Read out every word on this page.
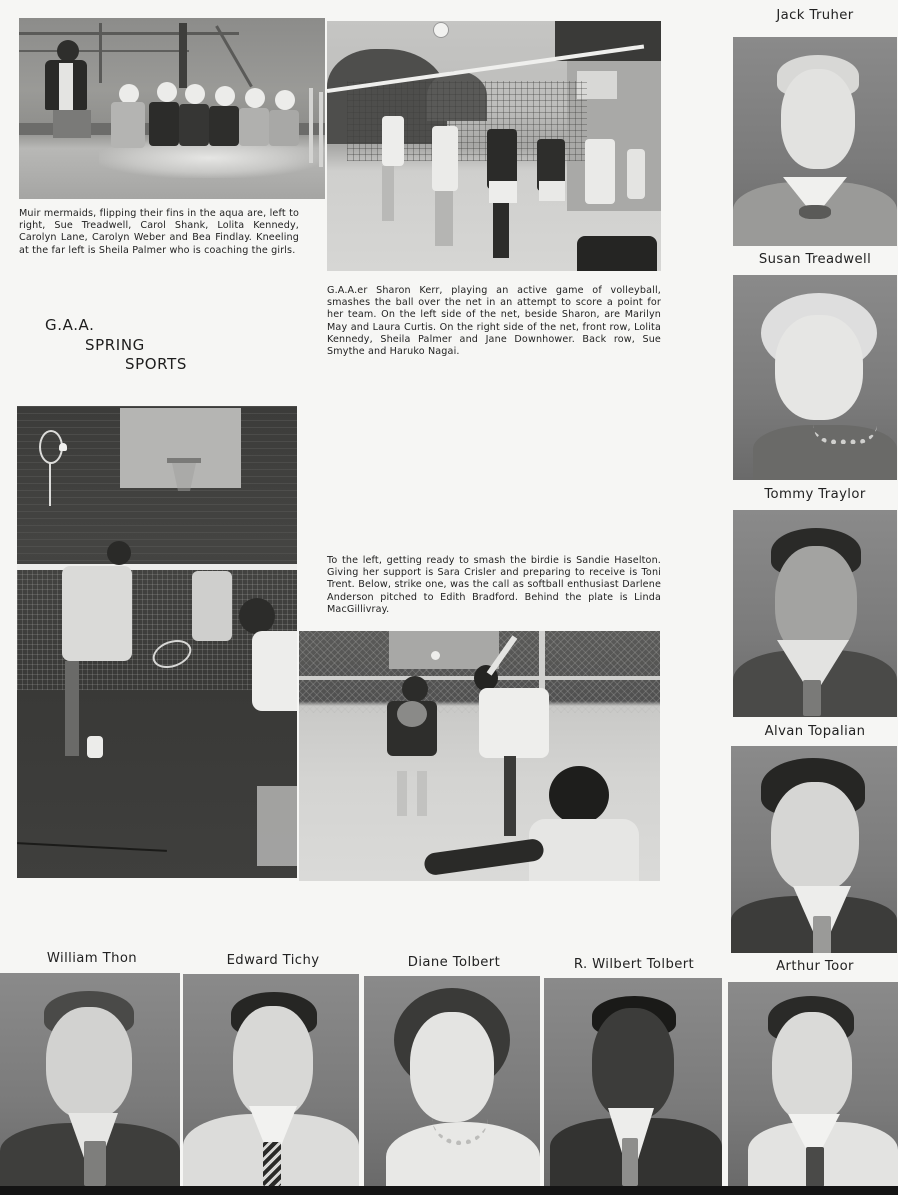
Muir mermaids, flipping their fins in the aqua are, left to right, Sue Treadwell, Carol Shank, Lolita Kennedy, Carolyn Lane, Carolyn Weber and Bea Findlay. Kneeling at the far left is Sheila Palmer who is coaching the girls.
G.A.A.er Sharon Kerr, playing an active game of volleyball, smashes the ball over the net in an attempt to score a point for her team. On the left side of the net, beside Sharon, are Marilyn May and Laura Curtis. On the right side of the net, front row, Lolita Kennedy, Sheila Palmer and Jane Downhower. Back row, Sue Smythe and Haruko Nagai.
G.A.A.
SPRING
SPORTS
To the left, getting ready to smash the birdie is Sandie Haselton. Giving her support is Sara Crisler and preparing to receive is Toni Trent. Below, strike one, was the call as softball enthusiast Darlene Anderson pitched to Edith Bradford. Behind the plate is Linda MacGillivray.
Jack Truher
Susan Treadwell
Tommy Traylor
Alvan Topalian
Arthur Toor
William Thon	Edward Tichy	Diane Tolbert	R. Wilbert Tolbert
